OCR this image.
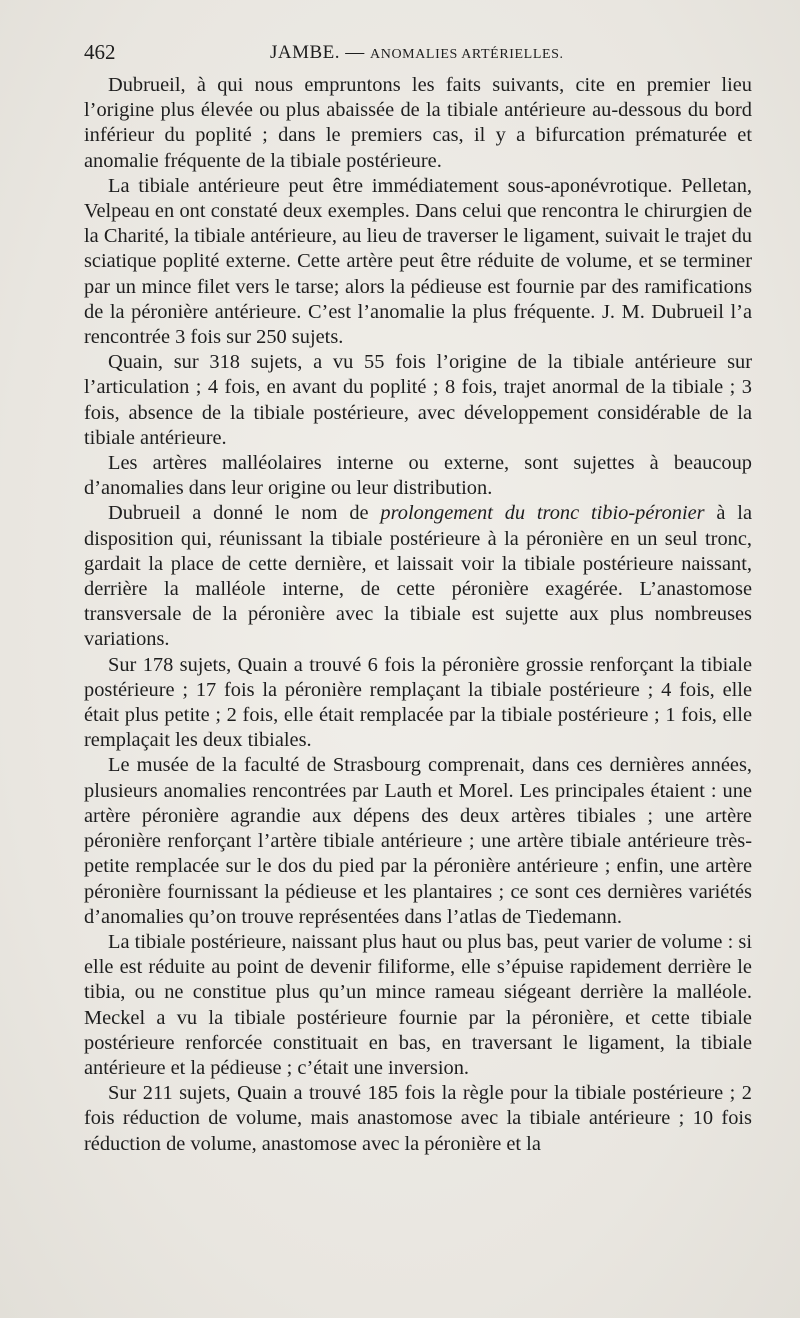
462	JAMBE. — ANOMALIES ARTÉRIELLES.

Dubrueil, à qui nous empruntons les faits suivants, cite en premier lieu l’origine plus élevée ou plus abaissée de la tibiale antérieure au-dessous du bord inférieur du poplité ; dans le premiers cas, il y a bifurcation prématurée et anomalie fréquente de la tibiale postérieure.

La tibiale antérieure peut être immédiatement sous-aponévrotique. Pelletan, Velpeau en ont constaté deux exemples. Dans celui que rencontra le chirurgien de la Charité, la tibiale antérieure, au lieu de traverser le ligament, suivait le trajet du sciatique poplité externe. Cette artère peut être réduite de volume, et se terminer par un mince filet vers le tarse; alors la pédieuse est fournie par des ramifications de la péronière antérieure. C’est l’anomalie la plus fréquente. J. M. Dubrueil l’a rencontrée 3 fois sur 250 sujets.

Quain, sur 318 sujets, a vu 55 fois l’origine de la tibiale antérieure sur l’articulation ; 4 fois, en avant du poplité ; 8 fois, trajet anormal de la tibiale ; 3 fois, absence de la tibiale postérieure, avec développement considérable de la tibiale antérieure.

Les artères malléolaires interne ou externe, sont sujettes à beaucoup d’anomalies dans leur origine ou leur distribution.

Dubrueil a donné le nom de prolongement du tronc tibio-péronier à la disposition qui, réunissant la tibiale postérieure à la péronière en un seul tronc, gardait la place de cette dernière, et laissait voir la tibiale postérieure naissant, derrière la malléole interne, de cette péronière exagérée. L’anastomose transversale de la péronière avec la tibiale est sujette aux plus nombreuses variations.

Sur 178 sujets, Quain a trouvé 6 fois la péronière grossie renforçant la tibiale postérieure ; 17 fois la péronière remplaçant la tibiale postérieure ; 4 fois, elle était plus petite ; 2 fois, elle était remplacée par la tibiale postérieure ; 1 fois, elle remplaçait les deux tibiales.

Le musée de la faculté de Strasbourg comprenait, dans ces dernières années, plusieurs anomalies rencontrées par Lauth et Morel. Les principales étaient : une artère péronière agrandie aux dépens des deux artères tibiales ; une artère péronière renforçant l’artère tibiale antérieure ; une artère tibiale antérieure très-petite remplacée sur le dos du pied par la péronière antérieure ; enfin, une artère péronière fournissant la pédieuse et les plantaires ; ce sont ces dernières variétés d’anomalies qu’on trouve représentées dans l’atlas de Tiedemann.

La tibiale postérieure, naissant plus haut ou plus bas, peut varier de volume : si elle est réduite au point de devenir filiforme, elle s’épuise rapidement derrière le tibia, ou ne constitue plus qu’un mince rameau siégeant derrière la malléole. Meckel a vu la tibiale postérieure fournie par la péronière, et cette tibiale postérieure renforcée constituait en bas, en traversant le ligament, la tibiale antérieure et la pédieuse ; c’était une inversion.

Sur 211 sujets, Quain a trouvé 185 fois la règle pour la tibiale postérieure ; 2 fois réduction de volume, mais anastomose avec la tibiale antérieure ; 10 fois réduction de volume, anastomose avec la péronière et la
